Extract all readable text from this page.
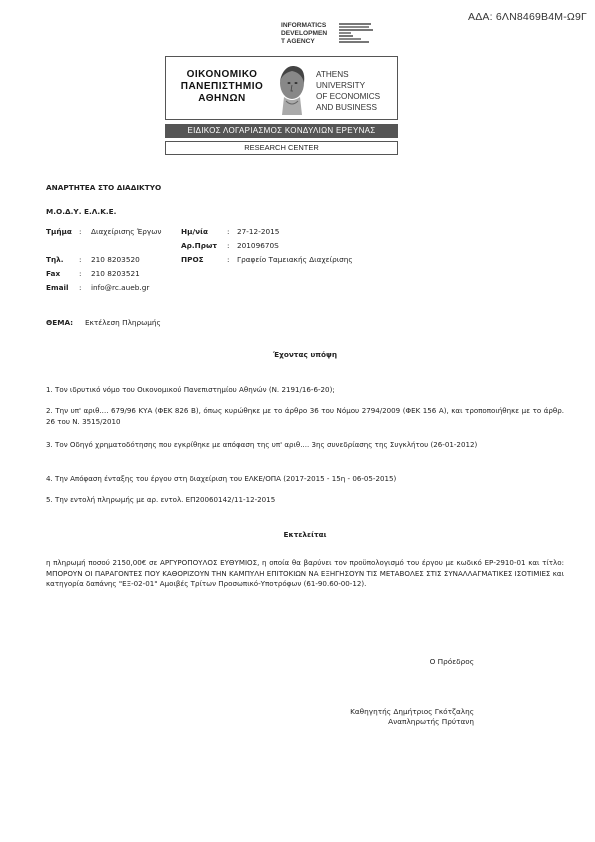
ΑΔΑ: 6ΛΝ8469Β4Μ-Ω9Γ
INFORMATICS
DEVELOPMEN
T AGENCY
ΟΙΚΟΝΟΜΙΚΟ
ΠΑΝΕΠΙΣΤΗΜΙΟ
ΑΘΗΝΩΝ
ATHENS UNIVERSITY
OF ECONOMICS
AND BUSINESS
ΕΙΔΙΚΟΣ ΛΟΓΑΡΙΑΣΜΟΣ ΚΟΝΔΥΛΙΩΝ ΕΡΕΥΝΑΣ
RESEARCH CENTER
ΑΝΑΡΤΗΤΕΑ ΣΤΟ ΔΙΑΔΙΚΤΥΟ
Μ.Ο.Δ.Υ. Ε.Λ.Κ.Ε.
Τμήμα : Διαχείρισης Έργων	Ημ/νία	: 27-12-2015
Αρ.Πρωτ : 20109670S
Τηλ. : 210 8203520	ΠΡΟΣ	: Γραφείο Ταμειακής Διαχείρισης
Fax	: 210 8203521
Email : info@rc.aueb.gr
ΘΕΜΑ: Εκτέλεση Πληρωμής
Έχοντας υπόψη
1. Τον ιδρυτικό νόμο του Οικονομικού Πανεπιστημίου Αθηνών (Ν. 2191/16-6-20);
2. Την υπ' αριθ.... 679/96 ΚΥΑ (ΦΕΚ 826 Β), όπως κυρώθηκε με το άρθρο 36 του Νόμου 2794/2009 (ΦΕΚ 156 Α), και τροποποιήθηκε με το άρθρ. 26 του Ν. 3515/2010
3. Τον Οδηγό χρηματοδότησης που εγκρίθηκε με απόφαση της υπ' αριθ.... 3ης συνεδρίασης της Συγκλήτου (26-01-2012)
4. Την Απόφαση ένταξης του έργου στη διαχείριση του ΕΛΚΕ/ΟΠΑ (2017-2015 - 15η - 06-05-2015)
5. Την εντολή πληρωμής με αρ. εντολ. ΕΠ20060142/11-12-2015
Εκτελείται
η πληρωμή ποσού 2150,00€ σε ΑΡΓΥΡΟΠΟΥΛΟΣ ΕΥΘΥΜΙΟΣ, η οποία θα βαρύνει τον προϋπολογισμό του έργου με κωδικό ΕΡ-2910-01 και τίτλο: ΜΠΟΡΟΥΝ ΟΙ ΠΑΡΑΓΟΝΤΕΣ ΠΟΥ ΚΑΘΟΡΙΖΟΥΝ ΤΗΝ ΚΑΜΠΥΛΗ ΕΠΙΤΟΚΙΩΝ ΝΑ ΕΞΗΓΗΣΟΥΝ ΤΙΣ ΜΕΤΑΒΟΛΕΣ ΣΤΙΣ ΣΥΝΑΛΛΑΓΜΑΤΙΚΕΣ ΙΣΟΤΙΜΙΕΣ και κατηγορία δαπάνης "ΕΞ-02-01" Αμοιβές Τρίτων Προσωπικό-Υποτρόφων (61-90.60-00-12).
Ο Πρόεδρος
Καθηγητής Δημήτριος Γκότζαλης
Αναπληρωτής Πρύτανη
